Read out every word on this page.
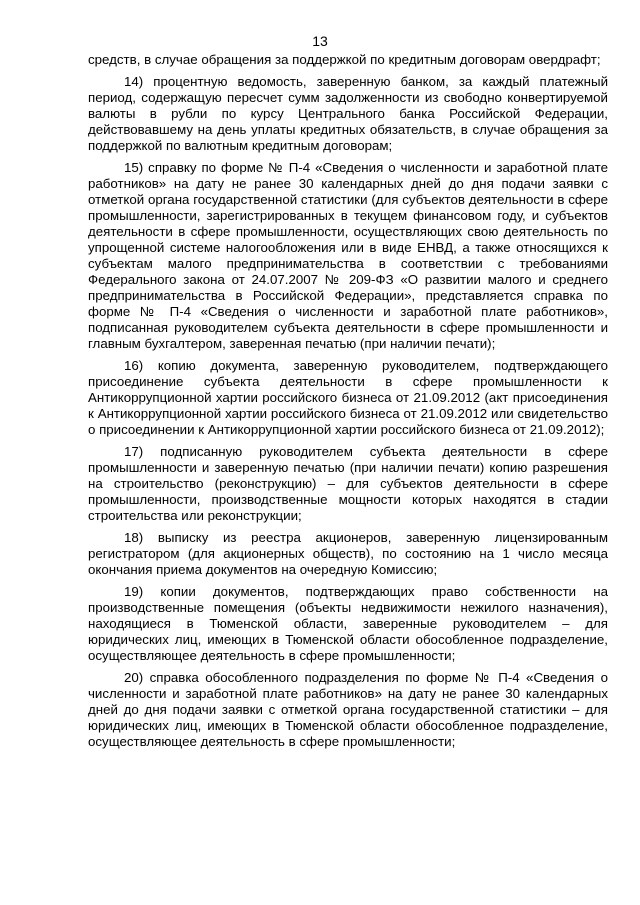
13

средств, в случае обращения за поддержкой по кредитным договорам овердрафт;

14) процентную ведомость, заверенную банком, за каждый платежный период, содержащую пересчет сумм задолженности из свободно конвертируемой валюты в рубли по курсу Центрального банка Российской Федерации, действовавшему на день уплаты кредитных обязательств, в случае обращения за поддержкой по валютным кредитным договорам;

15) справку по форме № П-4 «Сведения о численности и заработной плате работников» на дату не ранее 30 календарных дней до дня подачи заявки с отметкой органа государственной статистики (для субъектов деятельности в сфере промышленности, зарегистрированных в текущем финансовом году, и субъектов деятельности в сфере промышленности, осуществляющих свою деятельность по упрощенной системе налогообложения или в виде ЕНВД, а также относящихся к субъектам малого предпринимательства в соответствии с требованиями Федерального закона от 24.07.2007 № 209-ФЗ «О развитии малого и среднего предпринимательства в Российской Федерации», представляется справка по форме № П-4 «Сведения о численности и заработной плате работников», подписанная руководителем субъекта деятельности в сфере промышленности и главным бухгалтером, заверенная печатью (при наличии печати);

16) копию документа, заверенную руководителем, подтверждающего присоединение субъекта деятельности в сфере промышленности к Антикоррупционной хартии российского бизнеса от 21.09.2012 (акт присоединения к Антикоррупционной хартии российского бизнеса от 21.09.2012 или свидетельство о присоединении к Антикоррупционной хартии российского бизнеса от 21.09.2012);

17) подписанную руководителем субъекта деятельности в сфере промышленности и заверенную печатью (при наличии печати) копию разрешения на строительство (реконструкцию) – для субъектов деятельности в сфере промышленности, производственные мощности которых находятся в стадии строительства или реконструкции;

18) выписку из реестра акционеров, заверенную лицензированным регистратором (для акционерных обществ), по состоянию на 1 число месяца окончания приема документов на очередную Комиссию;

19) копии документов, подтверждающих право собственности на производственные помещения (объекты недвижимости нежилого назначения), находящиеся в Тюменской области, заверенные руководителем – для юридических лиц, имеющих в Тюменской области обособленное подразделение, осуществляющее деятельность в сфере промышленности;

20) справка обособленного подразделения по форме № П-4 «Сведения о численности и заработной плате работников» на дату не ранее 30 календарных дней до дня подачи заявки с отметкой органа государственной статистики – для юридических лиц, имеющих в Тюменской области обособленное подразделение, осуществляющее деятельность в сфере промышленности;
